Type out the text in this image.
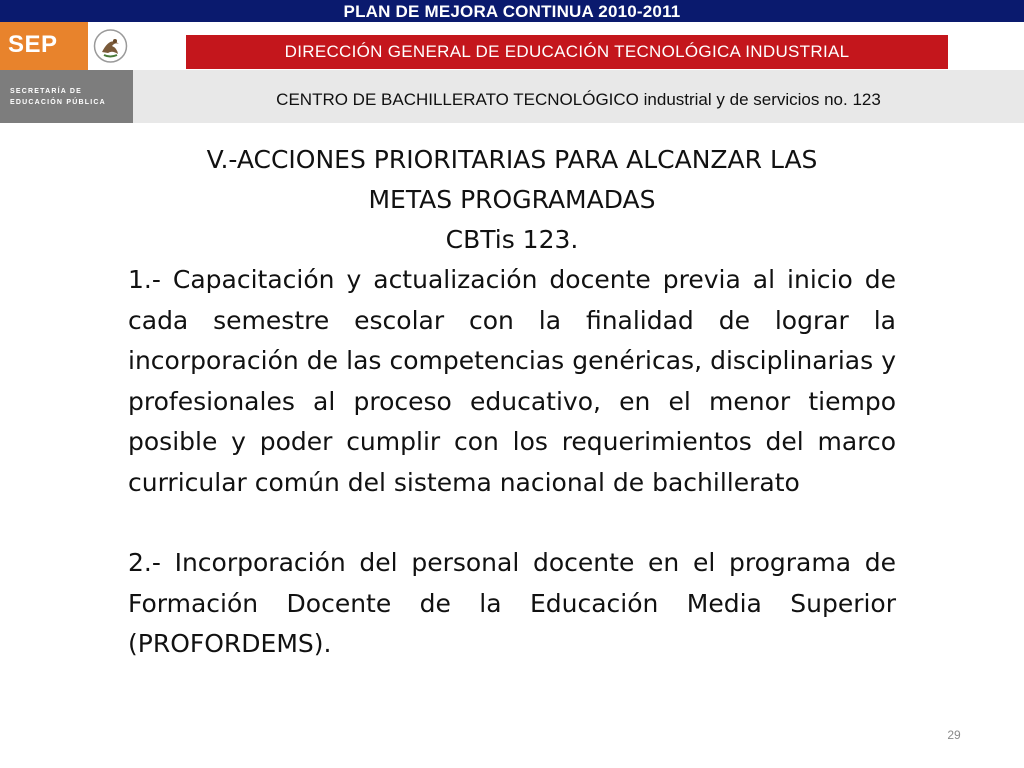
PLAN DE MEJORA CONTINUA 2010-2011
SEP
SECRETARÍA DE
EDUCACIÓN PÚBLICA
DIRECCIÓN GENERAL DE EDUCACIÓN TECNOLÓGICA INDUSTRIAL
CENTRO DE BACHILLERATO TECNOLÓGICO industrial y de servicios no. 123
V.-ACCIONES PRIORITARIAS PARA ALCANZAR LAS
METAS PROGRAMADAS
CBTis 123.

1.- Capacitación y actualización docente previa al inicio de cada semestre escolar con la finalidad de lograr la incorporación de las competencias genéricas, disciplinarias y profesionales al proceso educativo, en el menor tiempo posible y poder cumplir con los requerimientos del marco curricular común del sistema nacional de bachillerato

2.- Incorporación del personal docente en el programa de Formación Docente de la Educación Media Superior (PROFORDEMS).

29
